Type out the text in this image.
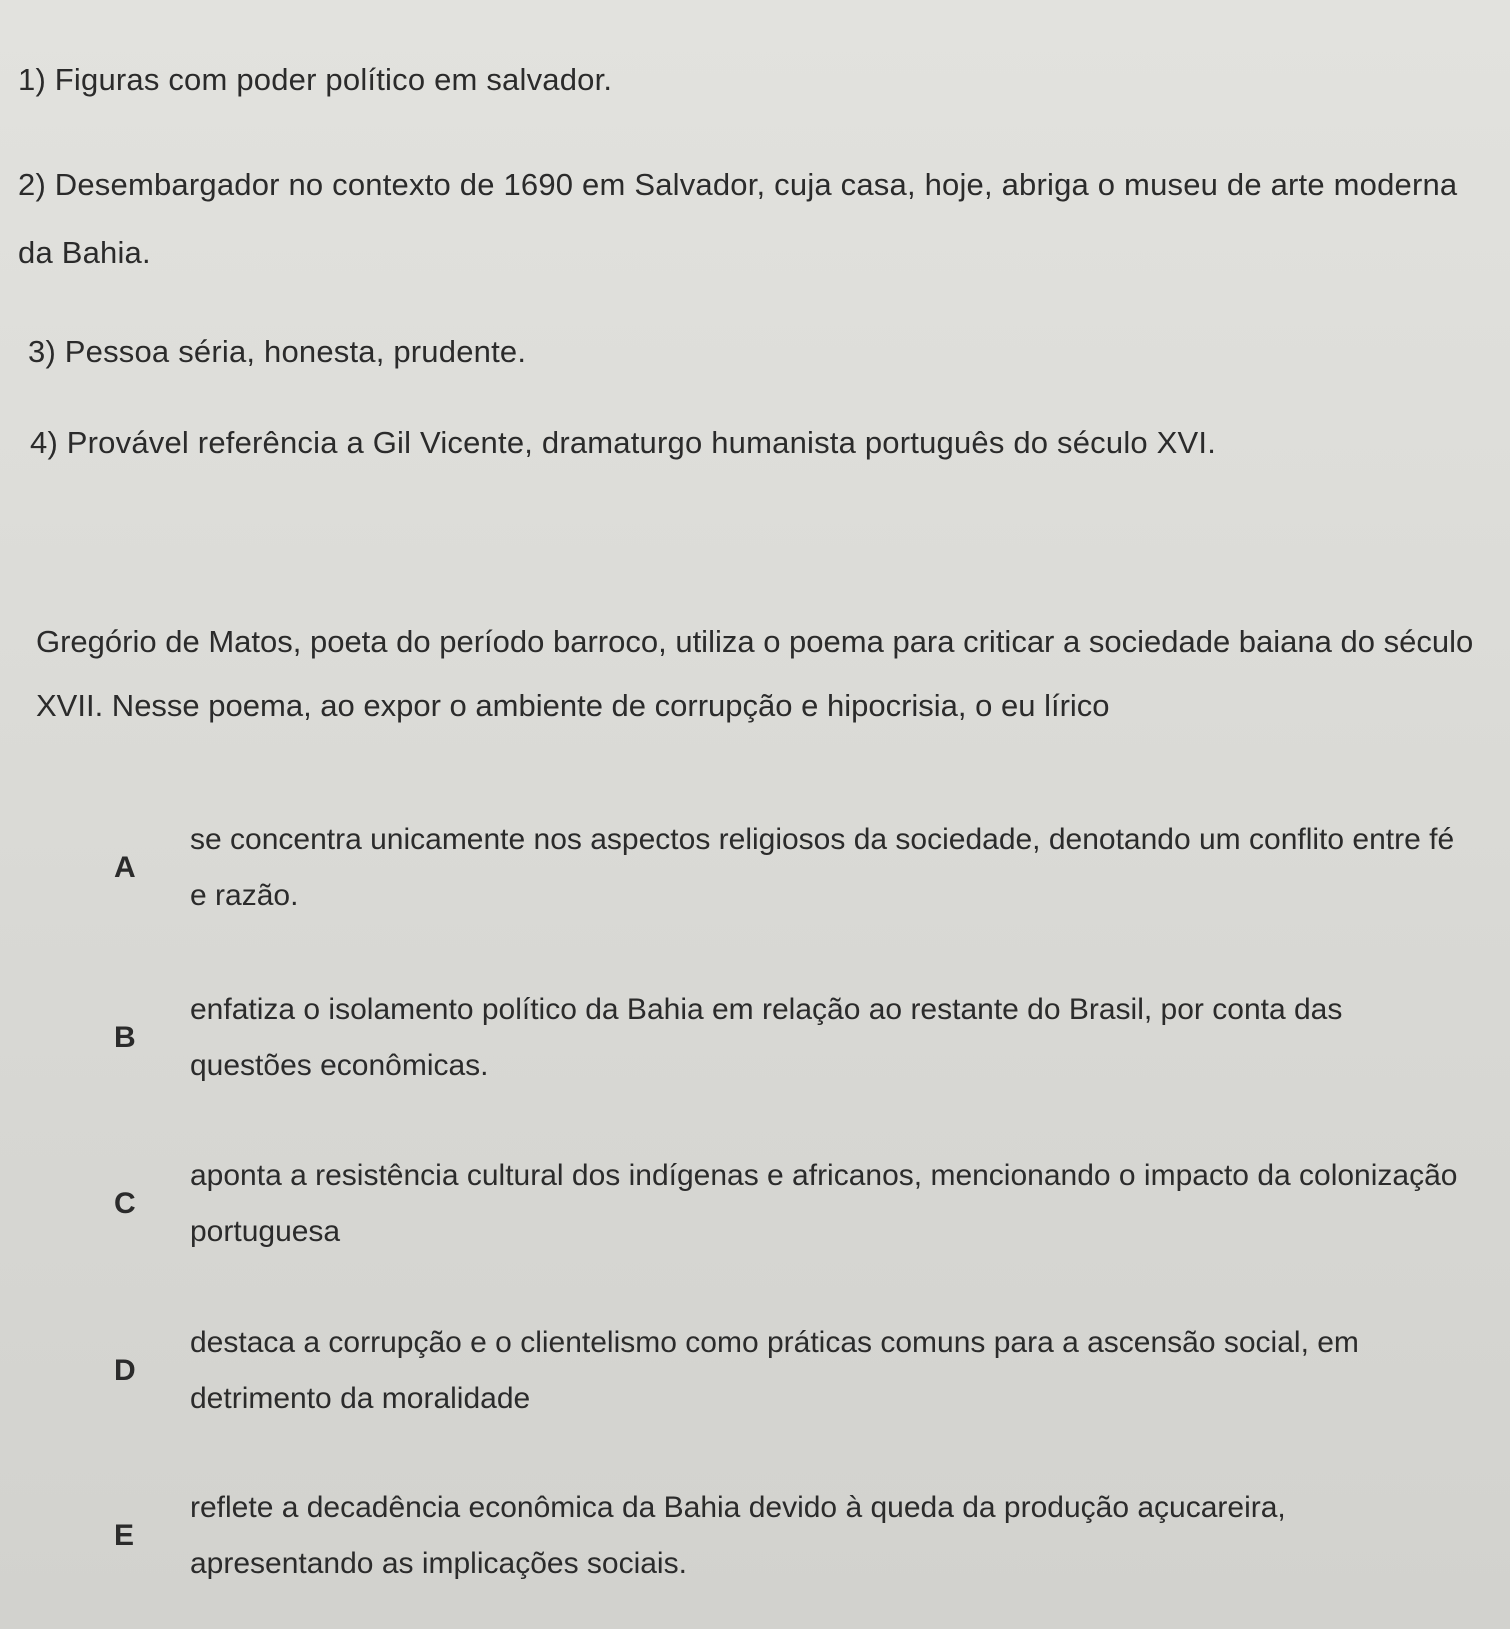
1) Figuras com poder político em salvador.
2) Desembargador no contexto de 1690 em Salvador, cuja casa, hoje, abriga o museu de arte moderna da Bahia.
3) Pessoa séria, honesta, prudente.
4) Provável referência a Gil Vicente, dramaturgo humanista português do século XVI.
Gregório de Matos, poeta do período barroco, utiliza o poema para criticar a sociedade baiana do século XVII. Nesse poema, ao expor o ambiente de corrupção e hipocrisia, o eu lírico
A
se concentra unicamente nos aspectos religiosos da sociedade, denotando um conflito entre fé e razão.
B
enfatiza o isolamento político da Bahia em relação ao restante do Brasil, por conta das questões econômicas.
C
aponta a resistência cultural dos indígenas e africanos, mencionando o impacto da colonização portuguesa
D
destaca a corrupção e o clientelismo como práticas comuns para a ascensão social, em detrimento da moralidade
E
reflete a decadência econômica da Bahia devido à queda da produção açucareira, apresentando as implicações sociais.
